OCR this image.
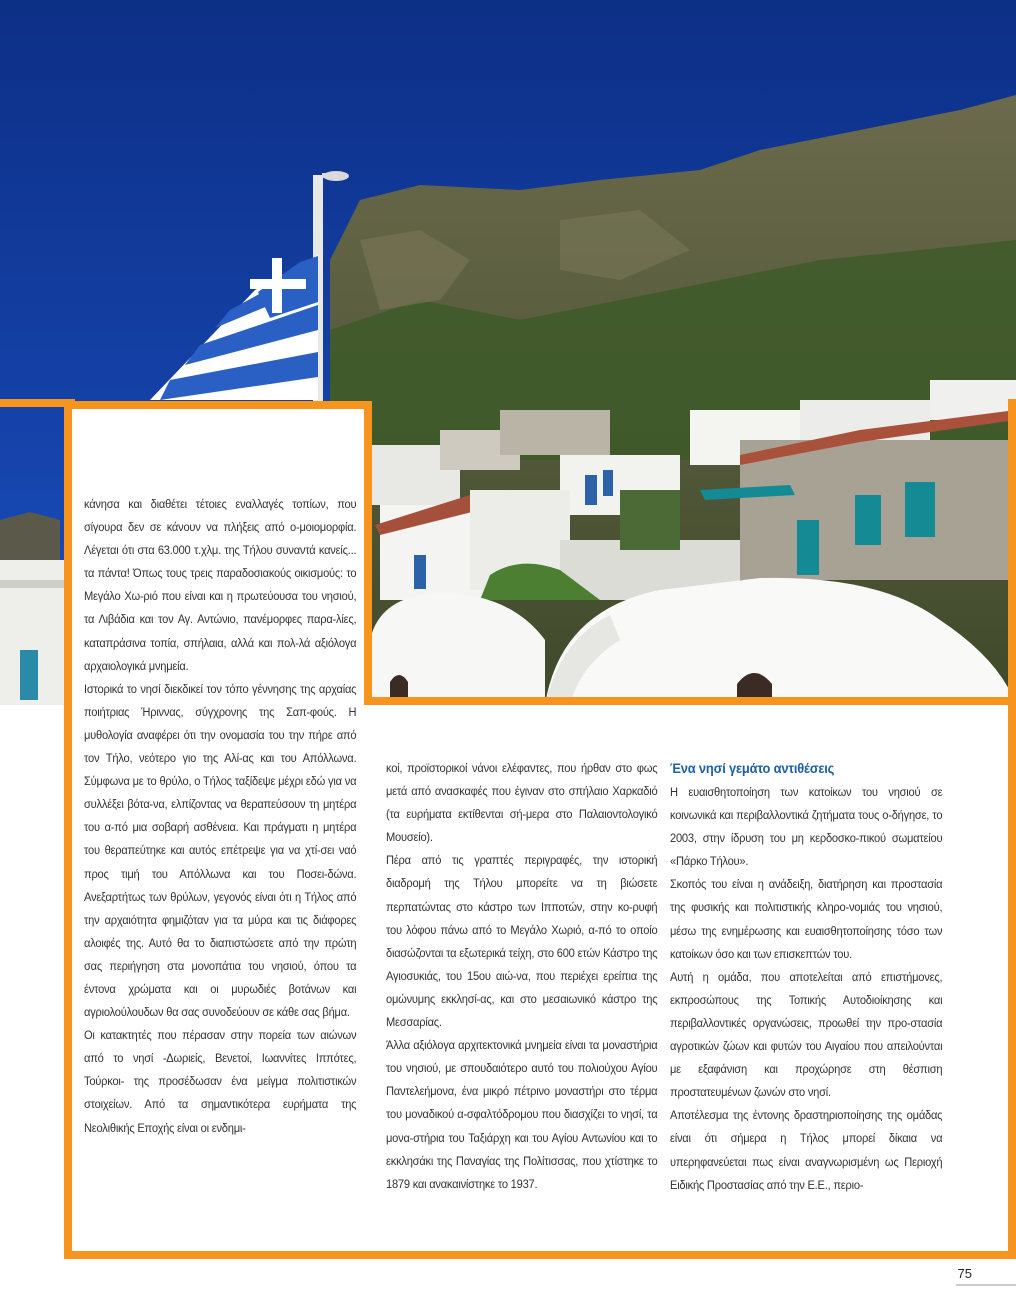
κάνησα και διαθέτει τέτοιες εναλλαγές τοπίων, που σίγουρα δεν σε κάνουν να πλήξεις από ο-μοιομορφία. Λέγεται ότι στα 63.000 τ.χλμ. της Τήλου συναντά κανείς... τα πάντα! Όπως τους τρεις παραδοσιακούς οικισμούς: το Μεγάλο Χω-ριό που είναι και η πρωτεύουσα του νησιού, τα Λιβάδια και τον Αγ. Αντώνιο, πανέμορφες παρα-λίες, καταπράσινα τοπία, σπήλαια, αλλά και πολ-λά αξιόλογα αρχαιολογικά μνημεία.

Ιστορικά το νησί διεκδικεί τον τόπο γέννησης της αρχαίας ποιήτριας Ήριννας, σύγχρονης της Σαπ-φούς. Η μυθολογία αναφέρει ότι την ονομασία του την πήρε από τον Τήλο, νεότερο γιο της Αλί-ας και του Απόλλωνα. Σύμφωνα με το θρύλο, ο Τήλος ταξίδεψε μέχρι εδώ για να συλλέξει βότα-να, ελπίζοντας να θεραπεύσουν τη μητέρα του α-πό μια σοβαρή ασθένεια. Και πράγματι η μητέρα του θεραπεύτηκε και αυτός επέτρεψε για να χτί-σει ναό προς τιμή του Απόλλωνα και του Ποσει-δώνα. Ανεξαρτήτως των θρύλων, γεγονός είναι ότι η Τήλος από την αρχαιότητα φημιζόταν για τα μύρα και τις διάφορες αλοιφές της. Αυτό θα το διαπιστώσετε από την πρώτη σας περιήγηση στα μονοπάτια του νησιού, όπου τα έντονα χρώματα και οι μυρωδιές βοτάνων και αγριολούλουδων θα σας συνοδεύουν σε κάθε σας βήμα.

Οι κατακτητές που πέρασαν στην πορεία των αιώνων από το νησί -Δωριείς, Βενετοί, Ιωαννίτες Ιππότες, Τούρκοι- της προσέδωσαν ένα μείγμα πολιτιστικών στοιχείων. Από τα σημαντικότερα ευρήματα της Νεολιθικής Εποχής είναι οι ενδημι-

κοί, προϊστορικοί νάνοι ελέφαντες, που ήρθαν στο φως μετά από ανασκαφές που έγιναν στο σπήλαιο Χαρκαδιό (τα ευρήματα εκτίθενται σή-μερα στο Παλαιοντολογικό Μουσείο).

Πέρα από τις γραπτές περιγραφές, την ιστορική διαδρομή της Τήλου μπορείτε να τη βιώσετε περπατώντας στο κάστρο των Ιπποτών, στην κο-ρυφή του λόφου πάνω από το Μεγάλο Χωριό, α-πό το οποίο διασώζονται τα εξωτερικά τείχη, στο 600 ετών Κάστρο της Αγιοσυκιάς, του 15ου αιώ-να, που περιέχει ερείπια της ομώνυμης εκκλησί-ας, και στο μεσαιωνικό κάστρο της Μεσσαρίας.

Άλλα αξιόλογα αρχιτεκτονικά μνημεία είναι τα μοναστήρια του νησιού, με σπουδαιότερο αυτό του πολιούχου Αγίου Παντελεήμονα, ένα μικρό πέτρινο μοναστήρι στο τέρμα του μοναδικού α-σφαλτόδρομου που διασχίζει το νησί, τα μονα-στήρια του Ταξιάρχη και του Αγίου Αντωνίου και το εκκλησάκι της Παναγίας της Πολίτισσας, που χτίστηκε το 1879 και ανακαινίστηκε το 1937.

Ένα νησί γεμάτο αντιθέσεις

Η ευαισθητοποίηση των κατοίκων του νησιού σε κοινωνικά και περιβαλλοντικά ζητήματα τους ο-δήγησε, το 2003, στην ίδρυση του μη κερδοσκο-πικού σωματείου «Πάρκο Τήλου».

Σκοπός του είναι η ανάδειξη, διατήρηση και προστασία της φυσικής και πολιτιστικής κληρο-νομιάς του νησιού, μέσω της ενημέρωσης και ευαισθητοποίησης τόσο των κατοίκων όσο και των επισκεπτών του.

Αυτή η ομάδα, που αποτελείται από επιστήμονες, εκπροσώπους της Τοπικής Αυτοδιοίκησης και περιβαλλοντικές οργανώσεις, προωθεί την προ-στασία αγροτικών ζώων και φυτών του Αιγαίου που απειλούνται με εξαφάνιση και προχώρησε στη θέσπιση προστατευμένων ζωνών στο νησί.

Αποτέλεσμα της έντονης δραστηριοποίησης της ομάδας είναι ότι σήμερα η Τήλος μπορεί δίκαια να υπερηφανεύεται πως είναι αναγνωρισμένη ως Περιοχή Ειδικής Προστασίας από την Ε.Ε., περιο-

75
